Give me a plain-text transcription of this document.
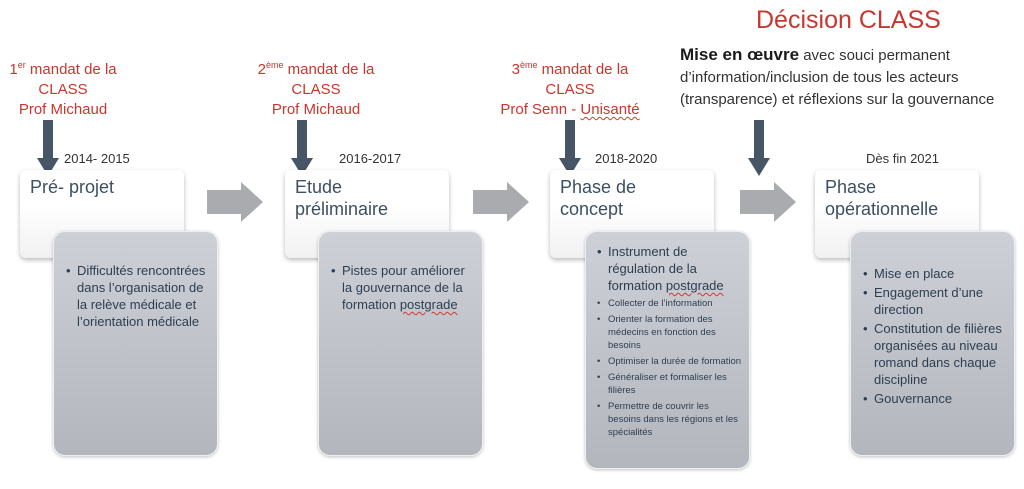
Décision CLASS
Mise en œuvre avec souci permanent
d’information/inclusion de tous les acteurs
(transparence) et réflexions sur la gouvernance
1er mandat de la
CLASS
Prof Michaud
2ème mandat de la
CLASS
Prof Michaud
3ème mandat de la
CLASS
Prof Senn - Unisanté
2014- 2015	2016-2017	2018-2020	Dès fin 2021
Pré- projet
• Difficultés rencontrées dans l’organisation de la relève médicale et l’orientation médicale
Etude
préliminaire
• Pistes pour améliorer la gouvernance de la formation postgrade
Phase de concept
• Instrument de régulation de la formation postgrade
• Collecter de l’information
• Orienter la formation des médecins en fonction des besoins
• Optimiser la durée de formation
• Généraliser et formaliser les filières
• Permettre de couvrir les besoins dans les régions et les spécialités
Phase
opérationnelle
• Mise en place
• Engagement d’une direction
• Constitution de filières organisées au niveau romand dans chaque discipline
• Gouvernance
